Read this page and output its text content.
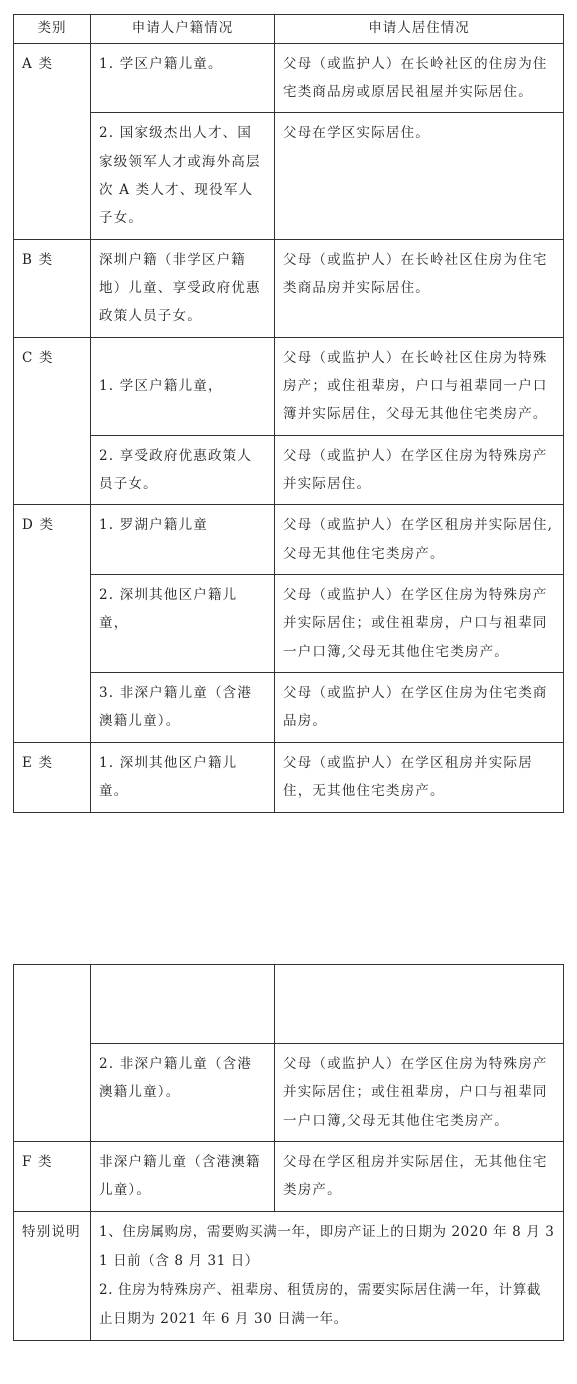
类别	申请人户籍情况	申请人居住情况
A 类	1. 学区户籍儿童。	父母（或监护人）在长岭社区的住房为住宅类商品房或原居民祖屋并实际居住。
	2. 国家级杰出人才、国家级领军人才或海外高层次 A 类人才、现役军人子女。	父母在学区实际居住。
B 类	深圳户籍（非学区户籍地）儿童、享受政府优惠政策人员子女。	父母（或监护人）在长岭社区住房为住宅类商品房并实际居住。
C 类	1. 学区户籍儿童，	父母（或监护人）在长岭社区住房为特殊房产；或住祖辈房，户口与祖辈同一户口簿并实际居住，父母无其他住宅类房产。
	2. 享受政府优惠政策人员子女。	父母（或监护人）在学区住房为特殊房产并实际居住。
D 类	1. 罗湖户籍儿童	父母（或监护人）在学区租房并实际居住,父母无其他住宅类房产。
	2. 深圳其他区户籍儿童，	父母（或监护人）在学区住房为特殊房产并实际居住；或住祖辈房，户口与祖辈同一户口簿,父母无其他住宅类房产。
	3. 非深户籍儿童（含港澳籍儿童）。	父母（或监护人）在学区住房为住宅类商品房。
E 类	1. 深圳其他区户籍儿童。	父母（或监护人）在学区租房并实际居住，无其他住宅类房产。

	2. 非深户籍儿童（含港澳籍儿童）。	父母（或监护人）在学区住房为特殊房产并实际居住；或住祖辈房，户口与祖辈同一户口簿,父母无其他住宅类房产。
F 类	非深户籍儿童（含港澳籍儿童）。	父母在学区租房并实际居住，无其他住宅类房产。
特别说明	1、住房属购房，需要购买满一年，即房产证上的日期为 2020 年 8 月 31 日前（含 8 月 31 日）
2. 住房为特殊房产、祖辈房、租赁房的，需要实际居住满一年，计算截止日期为 2021 年 6 月 30 日满一年。	
